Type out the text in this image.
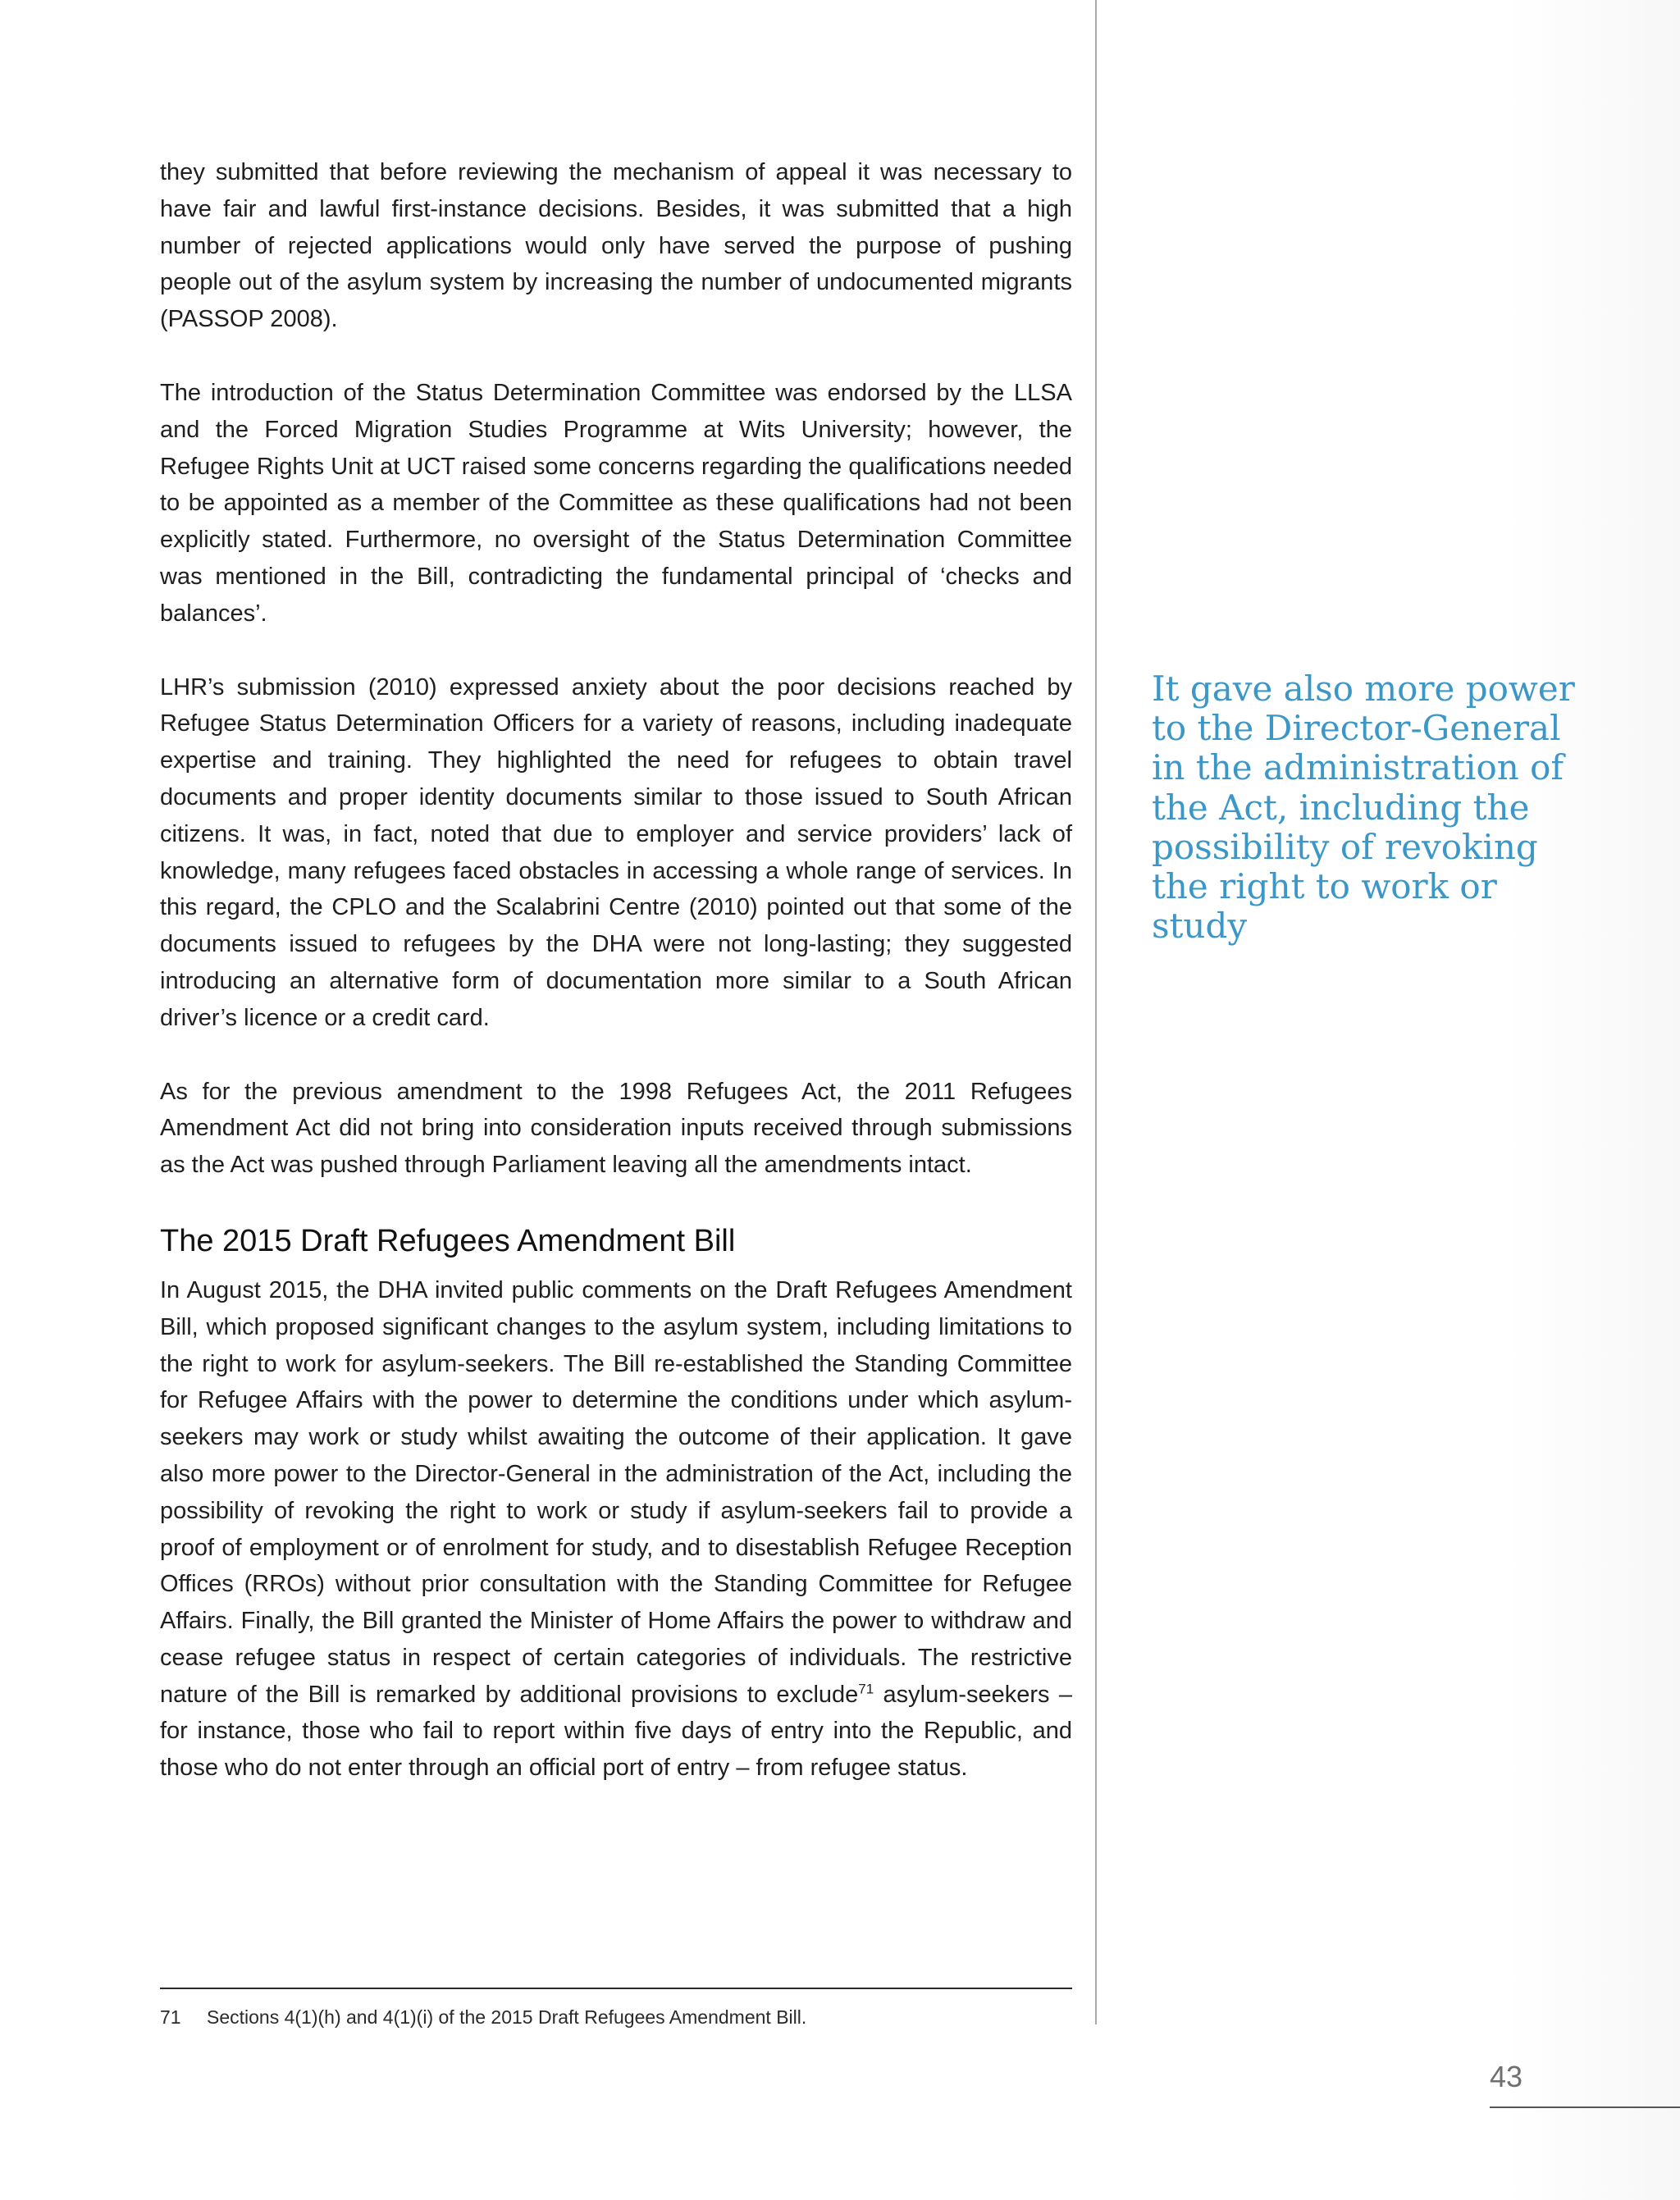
they submitted that before reviewing the mechanism of appeal it was necessary to have fair and lawful first-instance decisions. Besides, it was submitted that a high number of rejected applications would only have served the purpose of pushing people out of the asylum system by increasing the number of undocumented migrants (PASSOP 2008).

The introduction of the Status Determination Committee was endorsed by the LLSA and the Forced Migration Studies Programme at Wits University; however, the Refugee Rights Unit at UCT raised some concerns regarding the qualifications needed to be appointed as a member of the Committee as these qualifications had not been explicitly stated. Furthermore, no oversight of the Status Determination Committee was mentioned in the Bill, contradicting the fundamental principal of ‘checks and balances’.

LHR’s submission (2010) expressed anxiety about the poor decisions reached by Refugee Status Determination Officers for a variety of reasons, including inadequate expertise and training. They highlighted the need for refugees to obtain travel documents and proper identity documents similar to those issued to South African citizens. It was, in fact, noted that due to employer and service providers’ lack of knowledge, many refugees faced obstacles in accessing a whole range of services. In this regard, the CPLO and the Scalabrini Centre (2010) pointed out that some of the documents issued to refugees by the DHA were not long-lasting; they suggested introducing an alternative form of documentation more similar to a South African driver’s licence or a credit card.

As for the previous amendment to the 1998 Refugees Act, the 2011 Refugees Amendment Act did not bring into consideration inputs received through submissions as the Act was pushed through Parliament leaving all the amendments intact.

The 2015 Draft Refugees Amendment Bill

In August 2015, the DHA invited public comments on the Draft Refugees Amendment Bill, which proposed significant changes to the asylum system, including limitations to the right to work for asylum-seekers. The Bill re-established the Standing Committee for Refugee Affairs with the power to determine the conditions under which asylum-seekers may work or study whilst awaiting the outcome of their application. It gave also more power to the Director-General in the administration of the Act, including the possibility of revoking the right to work or study if asylum-seekers fail to provide a proof of employment or of enrolment for study, and to disestablish Refugee Reception Offices (RROs) without prior consultation with the Standing Committee for Refugee Affairs. Finally, the Bill granted the Minister of Home Affairs the power to withdraw and cease refugee status in respect of certain categories of individuals. The restrictive nature of the Bill is remarked by additional provisions to exclude$^{71}$ asylum-seekers – for instance, those who fail to report within five days of entry into the Republic, and those who do not enter through an official port of entry – from refugee status.

It gave also more power to the Director-General in the administration of the Act, including the possibility of revoking the right to work or study

71	Sections 4(1)(h) and 4(1)(i) of the 2015 Draft Refugees Amendment Bill.
43
